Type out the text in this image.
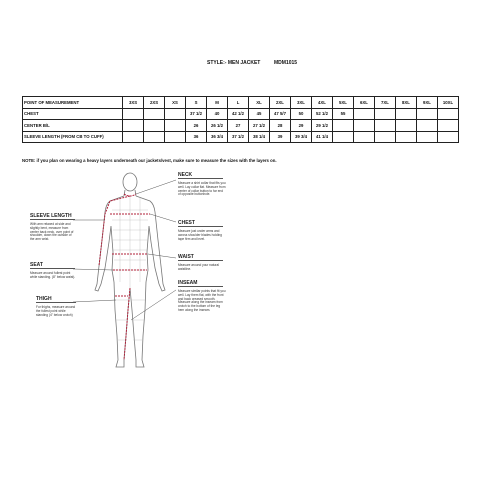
STYLE:- MEN JACKET	MDM1015
POINT OF MEASUREMENT	3XS	2XS	XS	S	M	L	XL	2XL	3XL	4XL	5XL	6XL	7XL	8XL	9XL	10XL
CHEST				37 1/2	40	42 1/2	45	47 5/7	50	52 1/2	55					
CENTER B/L				26	26 1/2	27	27 1/2	28	29	29 1/2						
SLEEVE LENGTH (FROM CB TO CUFF)				36	36 3/4	37 1/2	38 1/4	39	39 3/4	41 1/4						
NOTE: if you plan on wearing a heavy layers underneath our jackets/vest, make sure to measure the sizes with the layers on.
NECK
Measure a shirt collar that fits you well. Lay collar flat. Measure from center of collar button to far end of opposite buttonhole.
CHEST
Measure just under arms and across shoulder blades holding tape firm and level.
WAIST
Measure around your natural waistline.
INSEAM
Measure similar points that fit you well. Lay them flat, with the front and back creased smooth. Measure along the inseam from crotch to the bottom of the leg hem along the inseam.
SLEEVE LENGTH
With arm relaxed at side and slightly bent, measure from center back neck, over point of shoulder, down the outside of the arm wrist.
SEAT
Measure around fullest point while standing. (8" below waist).
THIGH
For thighs, measure around the fullest point while standing (4" below crotch)
